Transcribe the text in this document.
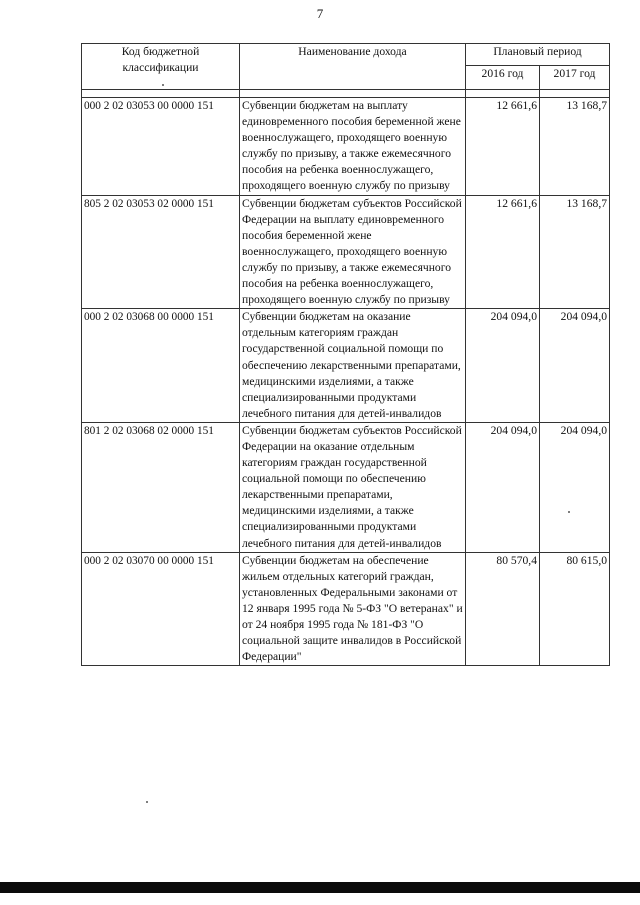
7
Код бюджетной классификации	Наименование дохода	Плановый период	
		2016 год	2017 год

000 2 02 03053 00 0000 151	Субвенции бюджетам на выплату единовременного пособия беременной жене военнослужащего, проходящего военную службу по призыву, а также ежемесячного пособия на ребенка военнослужащего, проходящего военную службу по призыву	12 661,6	13 168,7
805 2 02 03053 02 0000 151	Субвенции бюджетам субъектов Российской Федерации на выплату единовременного пособия беременной жене военнослужащего, проходящего военную службу по призыву, а также ежемесячного пособия на ребенка военнослужащего, проходящего военную службу по призыву	12 661,6	13 168,7
000 2 02 03068 00 0000 151	Субвенции бюджетам на оказание отдельным категориям граждан государственной социальной помощи по обеспечению лекарственными препаратами, медицинскими изделиями, а также специализированными продуктами лечебного питания для детей-инвалидов	204 094,0	204 094,0
801 2 02 03068 02 0000 151	Субвенции бюджетам субъектов Российской Федерации на оказание отдельным категориям граждан государственной социальной помощи по обеспечению лекарственными препаратами, медицинскими изделиями, а также специализированными продуктами лечебного питания для детей-инвалидов	204 094,0	204 094,0
000 2 02 03070 00 0000 151	Субвенции бюджетам на обеспечение жильем отдельных категорий граждан, установленных Федеральными законами от 12 января 1995 года № 5-ФЗ "О ветеранах" и от 24 ноября 1995 года № 181-ФЗ "О социальной защите инвалидов в Российской Федерации"	80 570,4	80 615,0
